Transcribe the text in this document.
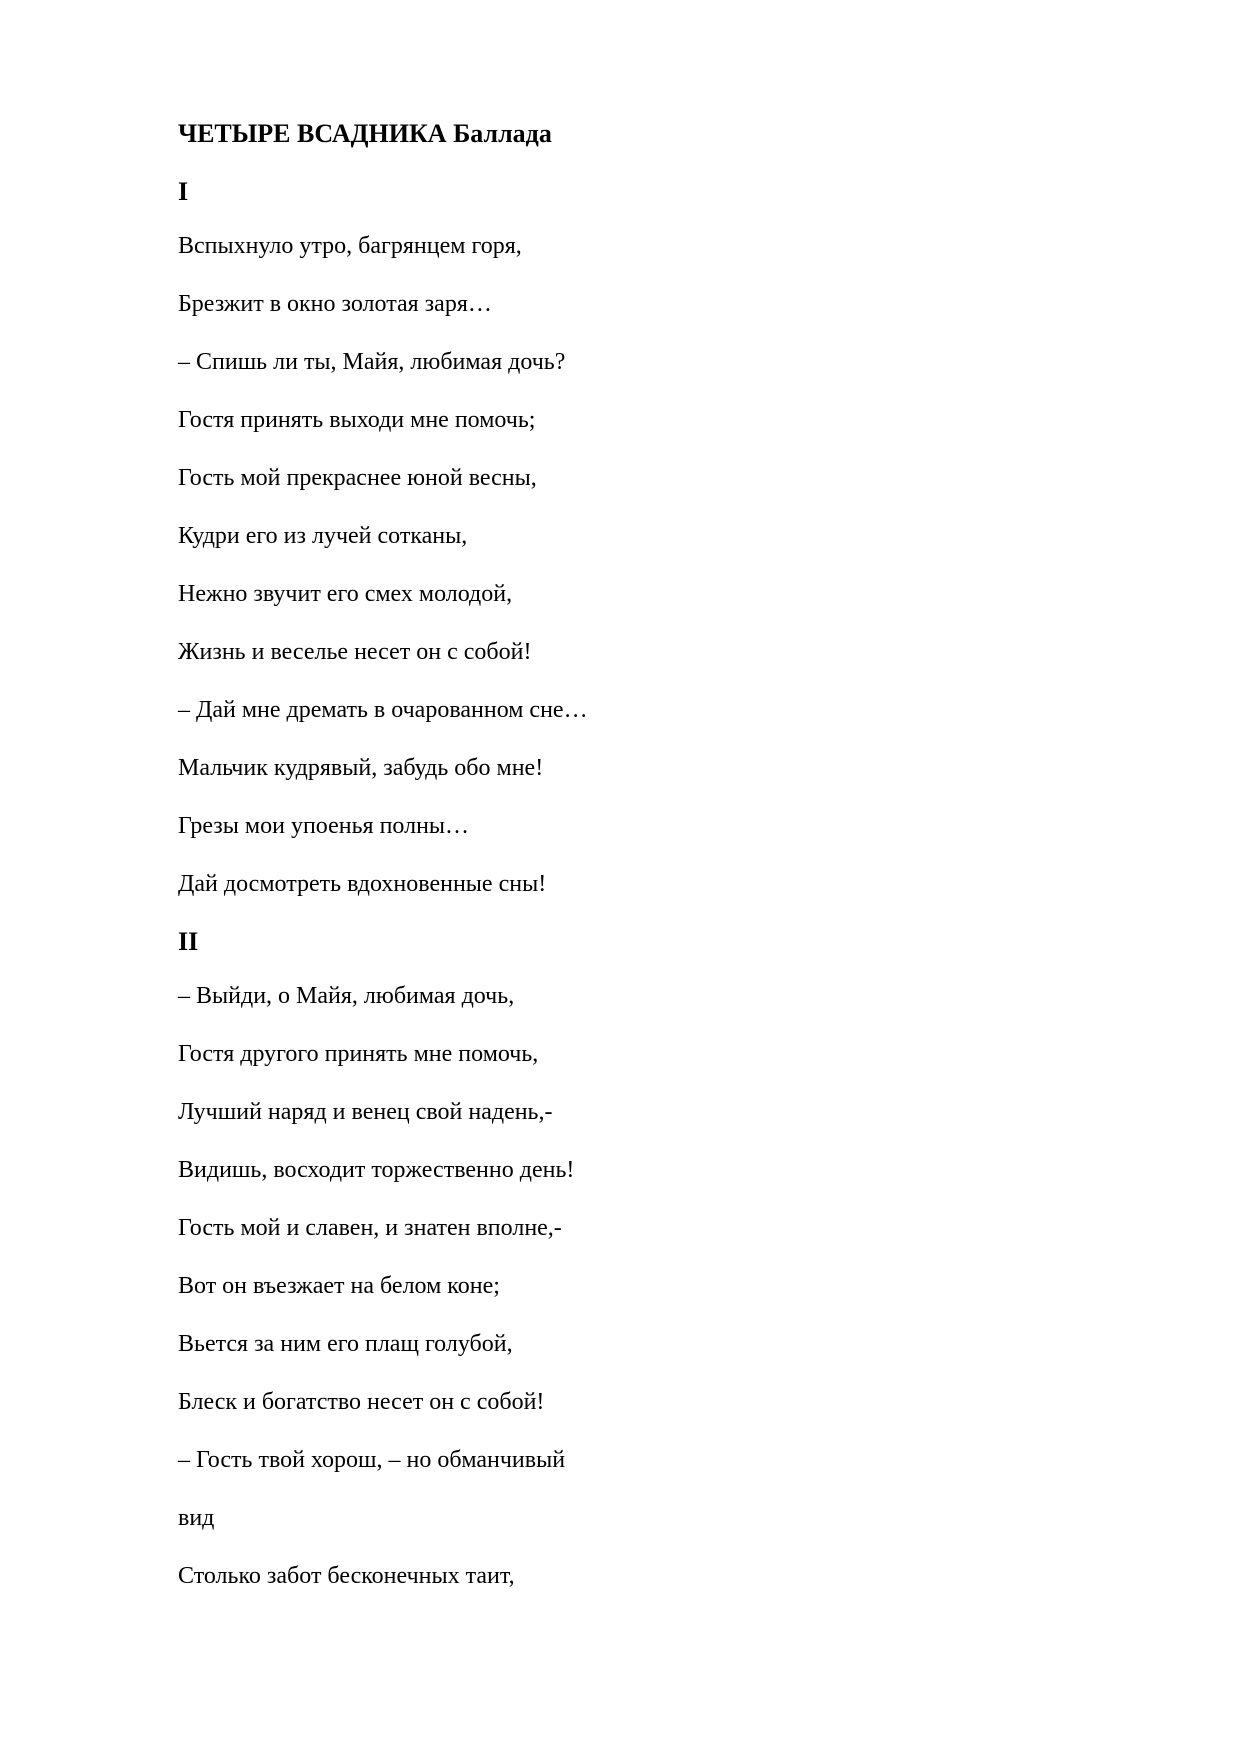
ЧЕТЫРЕ ВСАДНИКА Баллада
I
Вспыхнуло утро, багрянцем горя,
Брезжит в окно золотая заря…
– Спишь ли ты, Майя, любимая дочь?
Гостя принять выходи мне помочь;
Гость мой прекраснее юной весны,
Кудри его из лучей сотканы,
Нежно звучит его смех молодой,
Жизнь и веселье несет он с собой!
– Дай мне дремать в очарованном сне…
Мальчик кудрявый, забудь обо мне!
Грезы мои упоенья полны…
Дай досмотреть вдохновенные сны!
II
– Выйди, о Майя, любимая дочь,
Гостя другого принять мне помочь,
Лучший наряд и венец свой надень,-
Видишь, восходит торжественно день!
Гость мой и славен, и знатен вполне,-
Вот он въезжает на белом коне;
Вьется за ним его плащ голубой,
Блеск и богатство несет он с собой!
– Гость твой хорош, – но обманчивый
вид
Столько забот бесконечных таит,
